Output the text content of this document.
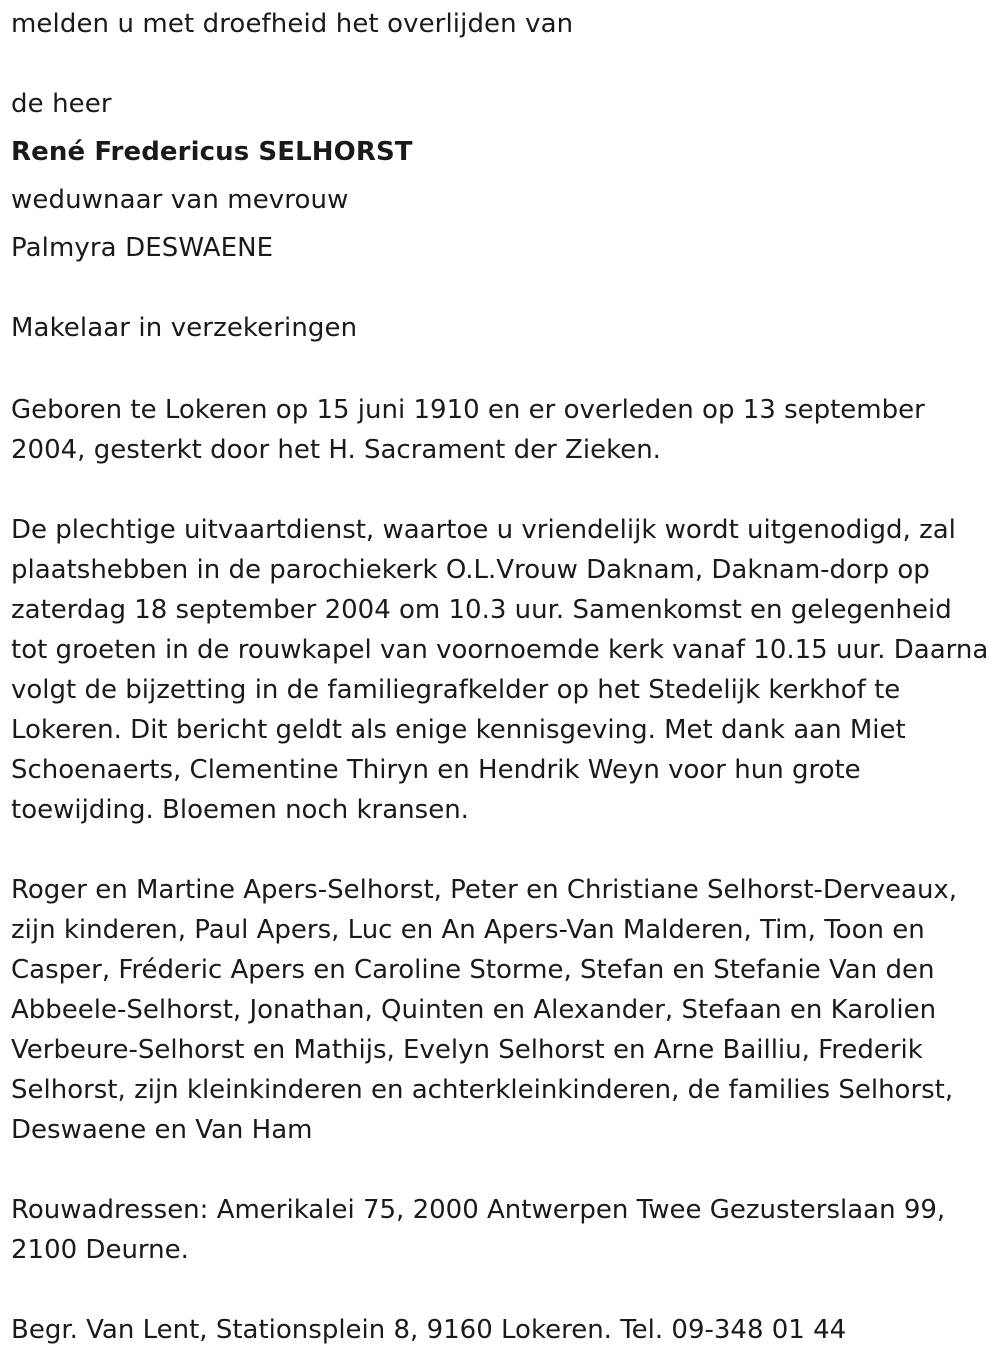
melden u met droefheid het overlijden van

de heer

René Fredericus SELHORST

weduwnaar van mevrouw

Palmyra DESWAENE

Makelaar in verzekeringen

Geboren te Lokeren op 15 juni 1910 en er overleden op 13 september 2004, gesterkt door het H. Sacrament der Zieken.

De plechtige uitvaartdienst, waartoe u vriendelijk wordt uitgenodigd, zal plaatshebben in de parochiekerk O.L.Vrouw Daknam, Daknam-dorp op zaterdag 18 september 2004 om 10.3 uur. Samenkomst en gelegenheid tot groeten in de rouwkapel van voornoemde kerk vanaf 10.15 uur. Daarna volgt de bijzetting in de familiegrafkelder op het Stedelijk kerkhof te Lokeren. Dit bericht geldt als enige kennisgeving. Met dank aan Miet Schoenaerts, Clementine Thiryn en Hendrik Weyn voor hun grote toewijding. Bloemen noch kransen.

Roger en Martine Apers-Selhorst, Peter en Christiane Selhorst-Derveaux, zijn kinderen, Paul Apers, Luc en An Apers-Van Malderen, Tim, Toon en Casper, Fréderic Apers en Caroline Storme, Stefan en Stefanie Van den Abbeele-Selhorst, Jonathan, Quinten en Alexander, Stefaan en Karolien Verbeure-Selhorst en Mathijs, Evelyn Selhorst en Arne Bailliu, Frederik Selhorst, zijn kleinkinderen en achterkleinkinderen, de families Selhorst, Deswaene en Van Ham

Rouwadressen: Amerikalei 75, 2000 Antwerpen Twee Gezusterslaan 99, 2100 Deurne.

Begr. Van Lent, Stationsplein 8, 9160 Lokeren. Tel. 09-348 01 44
